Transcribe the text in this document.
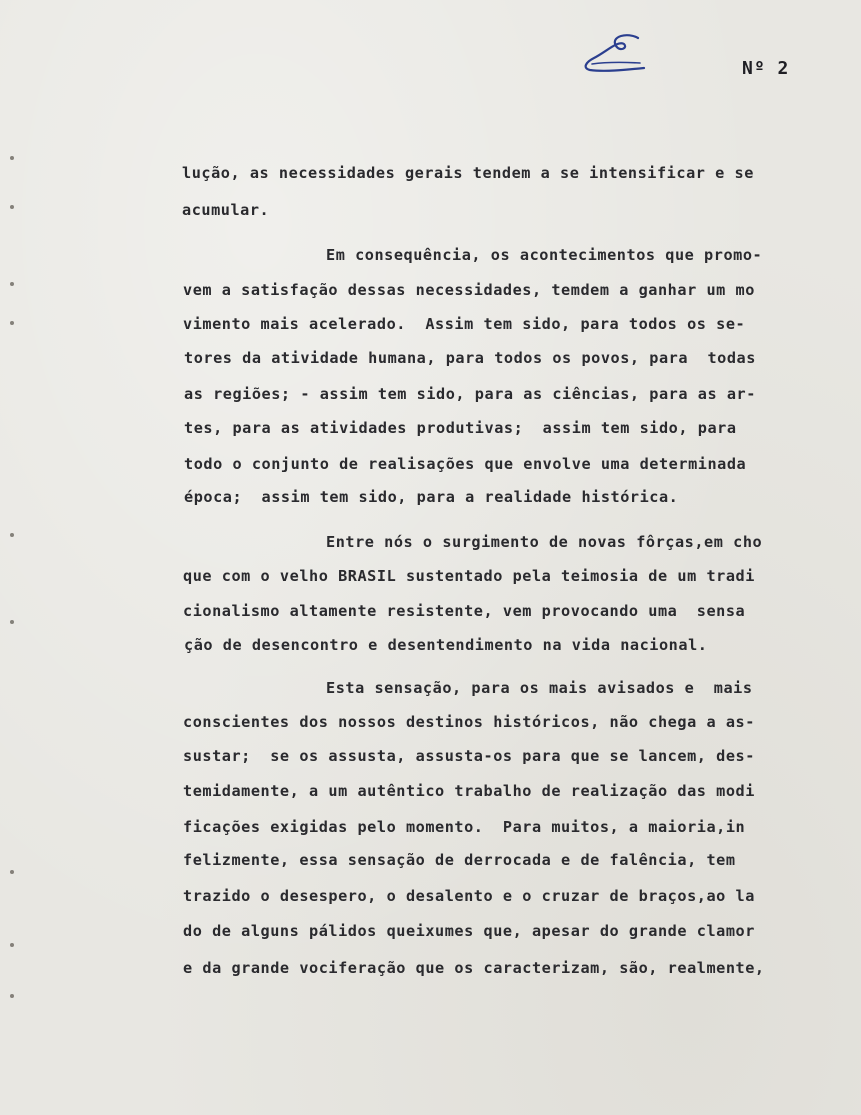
Nº 2
lução, as necessidades gerais tendem a se intensificar e se
acumular.
Em consequência, os acontecimentos que promo-
vem a satisfação dessas necessidades, temdem a ganhar um mo
vimento mais acelerado.  Assim tem sido, para todos os se-
tores da atividade humana, para todos os povos, para  todas
as regiões; - assim tem sido, para as ciências, para as ar-
tes, para as atividades produtivas;  assim tem sido, para
todo o conjunto de realisações que envolve uma determinada
época;  assim tem sido, para a realidade histórica.
Entre nós o surgimento de novas fôrças,em cho
que com o velho BRASIL sustentado pela teimosia de um tradi
cionalismo altamente resistente, vem provocando uma  sensa
ção de desencontro e desentendimento na vida nacional.
Esta sensação, para os mais avisados e  mais
conscientes dos nossos destinos históricos, não chega a as-
sustar;  se os assusta, assusta-os para que se lancem, des-
temidamente, a um autêntico trabalho de realização das modi
ficações exigidas pelo momento.  Para muitos, a maioria,in
felizmente, essa sensação de derrocada e de falência, tem
trazido o desespero, o desalento e o cruzar de braços,ao la
do de alguns pálidos queixumes que, apesar do grande clamor
e da grande vociferação que os caracterizam, são, realmente,
